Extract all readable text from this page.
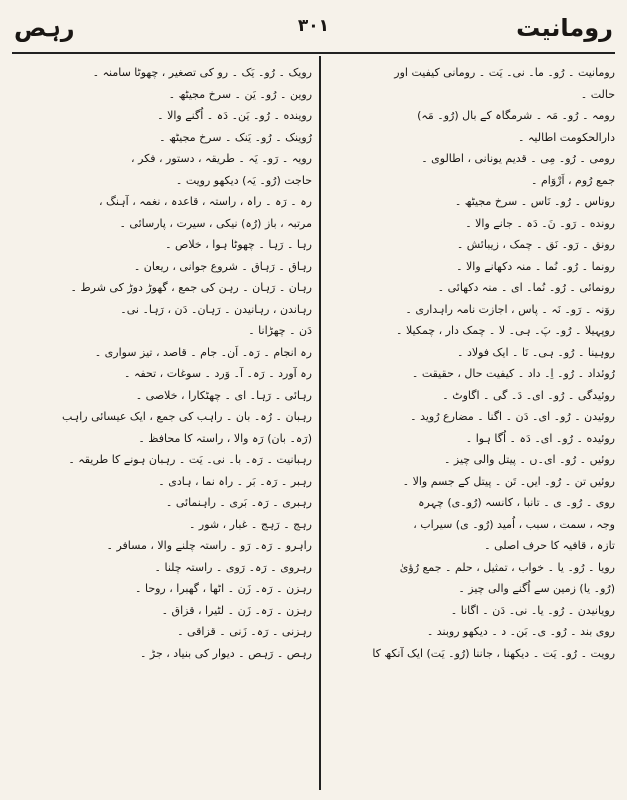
رومانیت
۳۰۱
رہص
رومانیت ۔ رُو۔ ما۔ نی۔ یَت ۔ رومانی کیفیت اور
حالت ۔
رومہ ۔ رُو۔ مَہ ۔ شرمگاہ کے بال (رُو۔ مَہ)
دارالحکومت اطالیہ ۔
رومی ۔ رُو۔ مِی ۔ قدیم یونانی ، اطالوی ۔
جمع رُوم ، اَرْوَام ۔
روناس ۔ رُو۔ نَاس ۔ سرخ مجیٹھ ۔
رونده ۔ رَو۔ نَ۔ دَہ ۔ جانے والا ۔
رونق ۔ رَو۔ نَق ۔ چمک ، زیبائش ۔
رونما ۔ رُو۔ نُما ۔ منہ دکھانے والا ۔
رونمائی ۔ رُو۔ نُما۔ ای ۔ منہ دکھائی ۔
روَنہ ۔ رَو۔ نَہ ۔ پاس ، اجازت نامہ راہداری ۔
روپہیلا ۔ رُو۔ پَ۔ ہی۔ لا ۔ چمک دار ، چمکیلا ۔
روہینا ۔ رُو۔ ہی۔ نَا ۔ ایک فولاد ۔
رُوئداد ۔ رُو۔ اِ۔ داد ۔ کیفیت حال ، حقیقت ۔
روئیدگی ۔ رُو۔ ای۔ دَ۔ گی ۔ اگاوٹ ۔
روئیدن ۔ رُو۔ ای۔ دَن ۔ اگنا ۔ مضارع رُوید ۔
روئیده ۔ رُو۔ ای۔ دَہ ۔ اُگا ہوا ۔
روئیں ۔ رُو۔ ای۔ں ۔ پیتل والی چیز ۔
روئیں تن ۔ رُو۔ ایں۔ تَن ۔ پیتل کے جسم والا ۔
روی ۔ رُو۔ ی ۔ تانبا ، کانسہ (رُو۔ی) چہرہ
وجہ ، سمت ، سبب ، اُمید (رُو۔ ی) سیراب ،
تازہ ، قافیہ کا حرف اصلی ۔
رویا ۔ رُو۔ یا ۔ خواب ، تمثیل ، حلم ۔ جمع رُؤیٰ
(رُو۔ یا) زمین سے اُگنے والی چیز ۔
رویانیدن ۔ رُو۔ یا۔ نی۔ دَن ۔ اگانا ۔
روی بند ۔ رُو۔ ی۔ بَن۔ د ۔ دیکھو روبند ۔
رویت ۔ رُو۔ یَت ۔ دیکھنا ، جاننا (رُو۔ یَت) ایک آنکھ کا
رویک ۔ رُو۔ یَک ۔ رو کی تصغیر ، چھوٹا سامنہ ۔
روین ۔ رُو۔ یَن ۔ سرخ مجیٹھ ۔
روینده ۔ رُو۔ یَن۔ دَہ ۔ اُگنے والا ۔
رُوینک ۔ رُو۔ یَنک ۔ سرخ مجیٹھ ۔
رویہ ۔ رَو۔ یَہ ۔ طریقہ ، دستور ، فکر ،
حاجت (رُو۔ یَہ) دیکھو رویت ۔
رہ ۔ رَہ ۔ راہ ، راستہ ، قاعدہ ، نغمہ ، آہنگ ،
مرتبہ ، باز (رُہ) نیکی ، سیرت ، پارسائی ۔
رہا ۔ رَہا ۔ چھوٹا ہوا ، خلاص ۔
رہاق ۔ رَہاق ۔ شروع جوانی ، ریعان ۔
رہان ۔ رَہان ۔ رہن کی جمع ، گھوڑ دوڑ کی شرط ۔
رہاندن ، رہانیدن ۔ رَہان۔ دَن ، رَہا۔ نی۔
دَن ۔ چھڑانا ۔
رہ انجام ۔ رَہ۔ اَن۔ جام ۔ قاصد ، تیز سواری ۔
رہ آورد ۔ رَہ۔ آ۔ وَرد ۔ سوغات ، تحفہ ۔
رہائی ۔ رَہا۔ ای ۔ چھٹکارا ، خلاصی ۔
رہبان ۔ رُہ۔ بان ۔ راہب کی جمع ، ایک عیسائی راہب
(رَہ۔ بان) رَہ والا ، راستہ کا محافظ ۔
رہبانیت ۔ رَہ۔ با۔ نی۔ یَت ۔ رہبان ہونے کا طریقہ ۔
رہبر ۔ رَہ۔ بَر ۔ راہ نما ، ہادی ۔
رہبری ۔ رَہ۔ بَری ۔ راہنمائی ۔
رہج ۔ رَہج ۔ غبار ، شور ۔
راہرو ۔ رَہ۔ رَو ۔ راستہ چلنے والا ، مسافر ۔
رہروی ۔ رَہ۔ رَوی ۔ راستہ چلنا ۔
رہزن ۔ رَہ۔ زَن ۔ اٹھا ، گھبرا ، روحا ۔
رہزن ۔ رَہ۔ زَن ۔ لٹیرا ، قزاق ۔
رہزنی ۔ رَہ۔ زَنی ۔ قزاقی ۔
رہص ۔ رَہص ۔ دیوار کی بنیاد ، جڑ ۔
